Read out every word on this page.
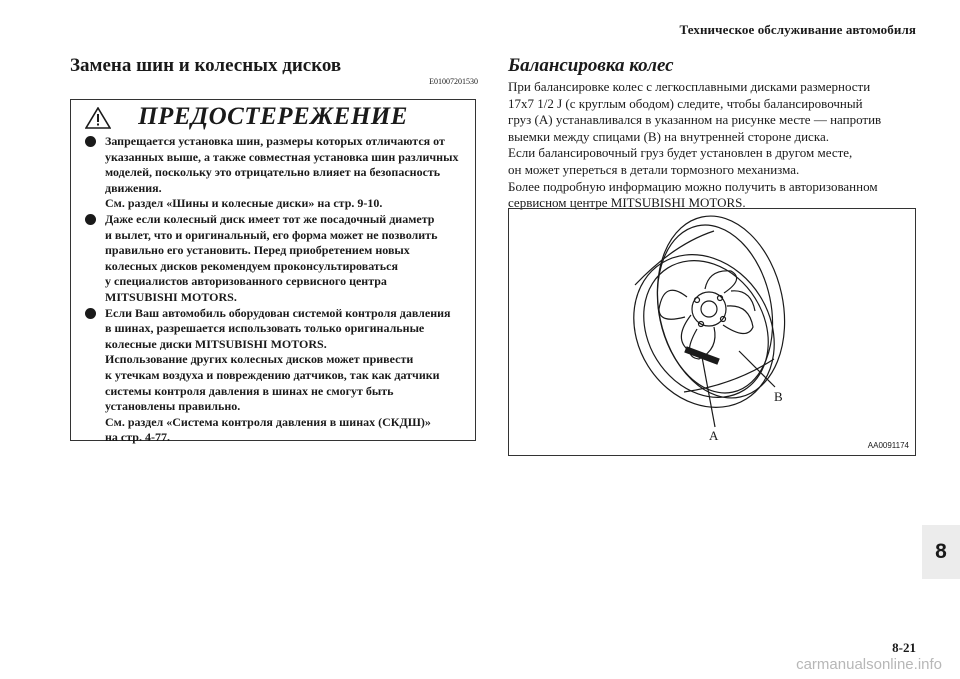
Техническое обслуживание автомобиля
Замена шин и колесных дисков
E01007201530
ПРЕДОСТЕРЕЖЕНИЕ
Запрещается установка шин, размеры которых отличаются от
указанных выше, а также совместная установка шин различных
моделей, поскольку это отрицательно влияет на безопасность
движения.
См. раздел «Шины и колесные диски» на стр. 9-10.
Даже если колесный диск имеет тот же посадочный диаметр
и вылет, что и оригинальный, его форма может не позволить
правильно его установить. Перед приобретением новых
колесных дисков рекомендуем проконсультироваться
у специалистов авторизованного сервисного центра
MITSUBISHI MOTORS.
Если Ваш автомобиль оборудован системой контроля давления
в шинах, разрешается использовать только оригинальные
колесные диски MITSUBISHI MOTORS.
Использование других колесных дисков может привести
к утечкам воздуха и повреждению датчиков, так как датчики
системы контроля давления в шинах не смогут быть
установлены правильно.
См. раздел «Система контроля давления в шинах (СКДШ)»
на стр. 4-77.
Балансировка колес
При балансировке колес с легкосплавными дисками размерности
17x7 1/2 J (с круглым ободом) следите, чтобы балансировочный
груз (A) устанавливался в указанном на рисунке месте — напротив
выемки между спицами (B) на внутренней стороне диска.
Если балансировочный груз будет установлен в другом месте,
он может упереться в детали тормозного механизма.
Более подробную информацию можно получить в авторизованном
сервисном центре MITSUBISHI MOTORS.
B
A
AA0091174
8
8-21
carmanualsonline.info
